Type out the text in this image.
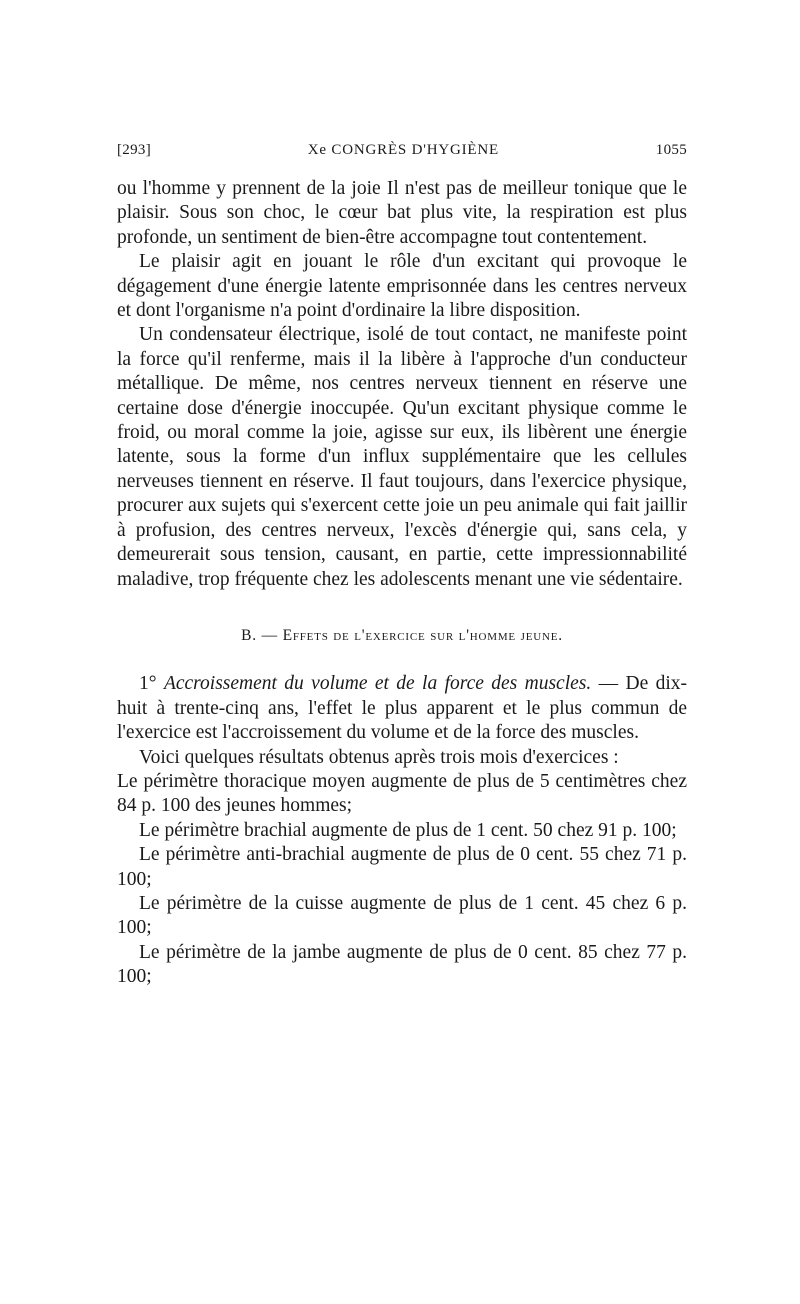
[293]	Xe CONGRÈS D'HYGIÈNE	1055

ou l'homme y prennent de la joie Il n'est pas de meilleur tonique que le plaisir. Sous son choc, le cœur bat plus vite, la respiration est plus profonde, un sentiment de bien-être accompagne tout contentement.

Le plaisir agit en jouant le rôle d'un excitant qui provoque le dégagement d'une énergie latente emprisonnée dans les centres nerveux et dont l'organisme n'a point d'ordinaire la libre disposition.

Un condensateur électrique, isolé de tout contact, ne manifeste point la force qu'il renferme, mais il la libère à l'approche d'un conducteur métallique. De même, nos centres nerveux tiennent en réserve une certaine dose d'énergie inoccupée. Qu'un excitant physique comme le froid, ou moral comme la joie, agisse sur eux, ils libèrent une énergie latente, sous la forme d'un influx supplémentaire que les cellules nerveuses tiennent en réserve. Il faut toujours, dans l'exercice physique, procurer aux sujets qui s'exercent cette joie un peu animale qui fait jaillir à profusion, des centres nerveux, l'excès d'énergie qui, sans cela, y demeurerait sous tension, causant, en partie, cette impressionnabilité maladive, trop fréquente chez les adolescents menant une vie sédentaire.

B. — Effets de l'exercice sur l'homme jeune.

1° Accroissement du volume et de la force des muscles. — De dix-huit à trente-cinq ans, l'effet le plus apparent et le plus commun de l'exercice est l'accroissement du volume et de la force des muscles.

Voici quelques résultats obtenus après trois mois d'exercices :

Le périmètre thoracique moyen augmente de plus de 5 centimètres chez 84 p. 100 des jeunes hommes;

Le périmètre brachial augmente de plus de 1 cent. 50 chez 91 p. 100;

Le périmètre anti-brachial augmente de plus de 0 cent. 55 chez 71 p. 100;

Le périmètre de la cuisse augmente de plus de 1 cent. 45 chez 6 p. 100;

Le périmètre de la jambe augmente de plus de 0 cent. 85 chez 77 p. 100;
